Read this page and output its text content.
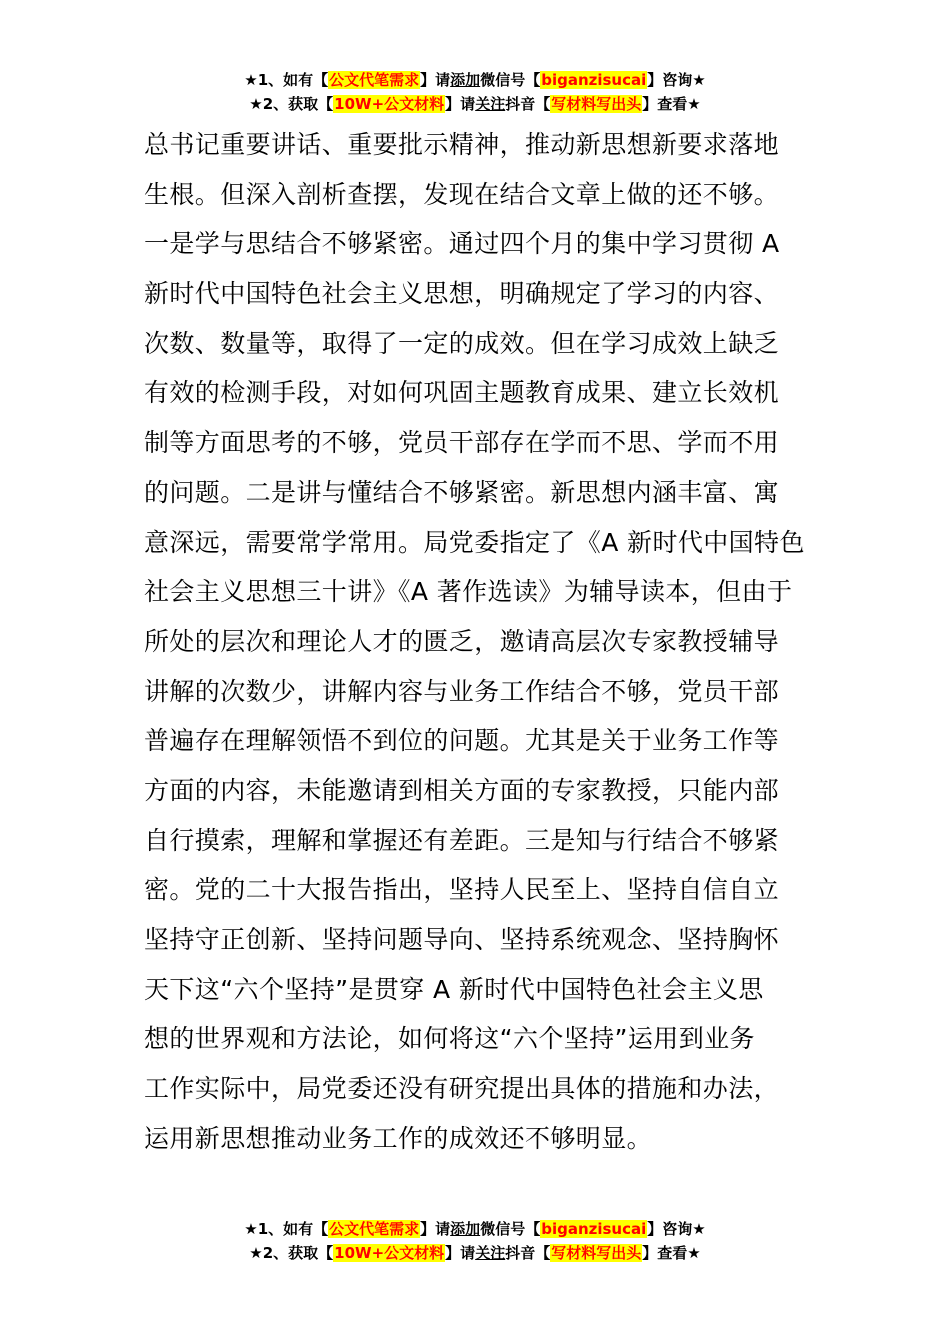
★1、如有【公文代笔需求】请添加微信号【biganzisucai】咨询★
★2、获取【10W+公文材料】请关注抖音【写材料写出头】查看★
总书记重要讲话、重要批示精神，推动新思想新要求落地
生根。但深入剖析查摆，发现在结合文章上做的还不够。
一是学与思结合不够紧密。通过四个月的集中学习贯彻 A
新时代中国特色社会主义思想，明确规定了学习的内容、
次数、数量等，取得了一定的成效。但在学习成效上缺乏
有效的检测手段，对如何巩固主题教育成果、建立长效机
制等方面思考的不够，党员干部存在学而不思、学而不用
的问题。二是讲与懂结合不够紧密。新思想内涵丰富、寓
意深远，需要常学常用。局党委指定了《A 新时代中国特色
社会主义思想三十讲》《A 著作选读》为辅导读本，但由于
所处的层次和理论人才的匮乏，邀请高层次专家教授辅导
讲解的次数少，讲解内容与业务工作结合不够，党员干部
普遍存在理解领悟不到位的问题。尤其是关于业务工作等
方面的内容，未能邀请到相关方面的专家教授，只能内部
自行摸索，理解和掌握还有差距。三是知与行结合不够紧
密。党的二十大报告指出，坚持人民至上、坚持自信自立
坚持守正创新、坚持问题导向、坚持系统观念、坚持胸怀
天下这“六个坚持”是贯穿 A 新时代中国特色社会主义思
想的世界观和方法论，如何将这“六个坚持”运用到业务
工作实际中，局党委还没有研究提出具体的措施和办法，
运用新思想推动业务工作的成效还不够明显。
★1、如有【公文代笔需求】请添加微信号【biganzisucai】咨询★
★2、获取【10W+公文材料】请关注抖音【写材料写出头】查看★
